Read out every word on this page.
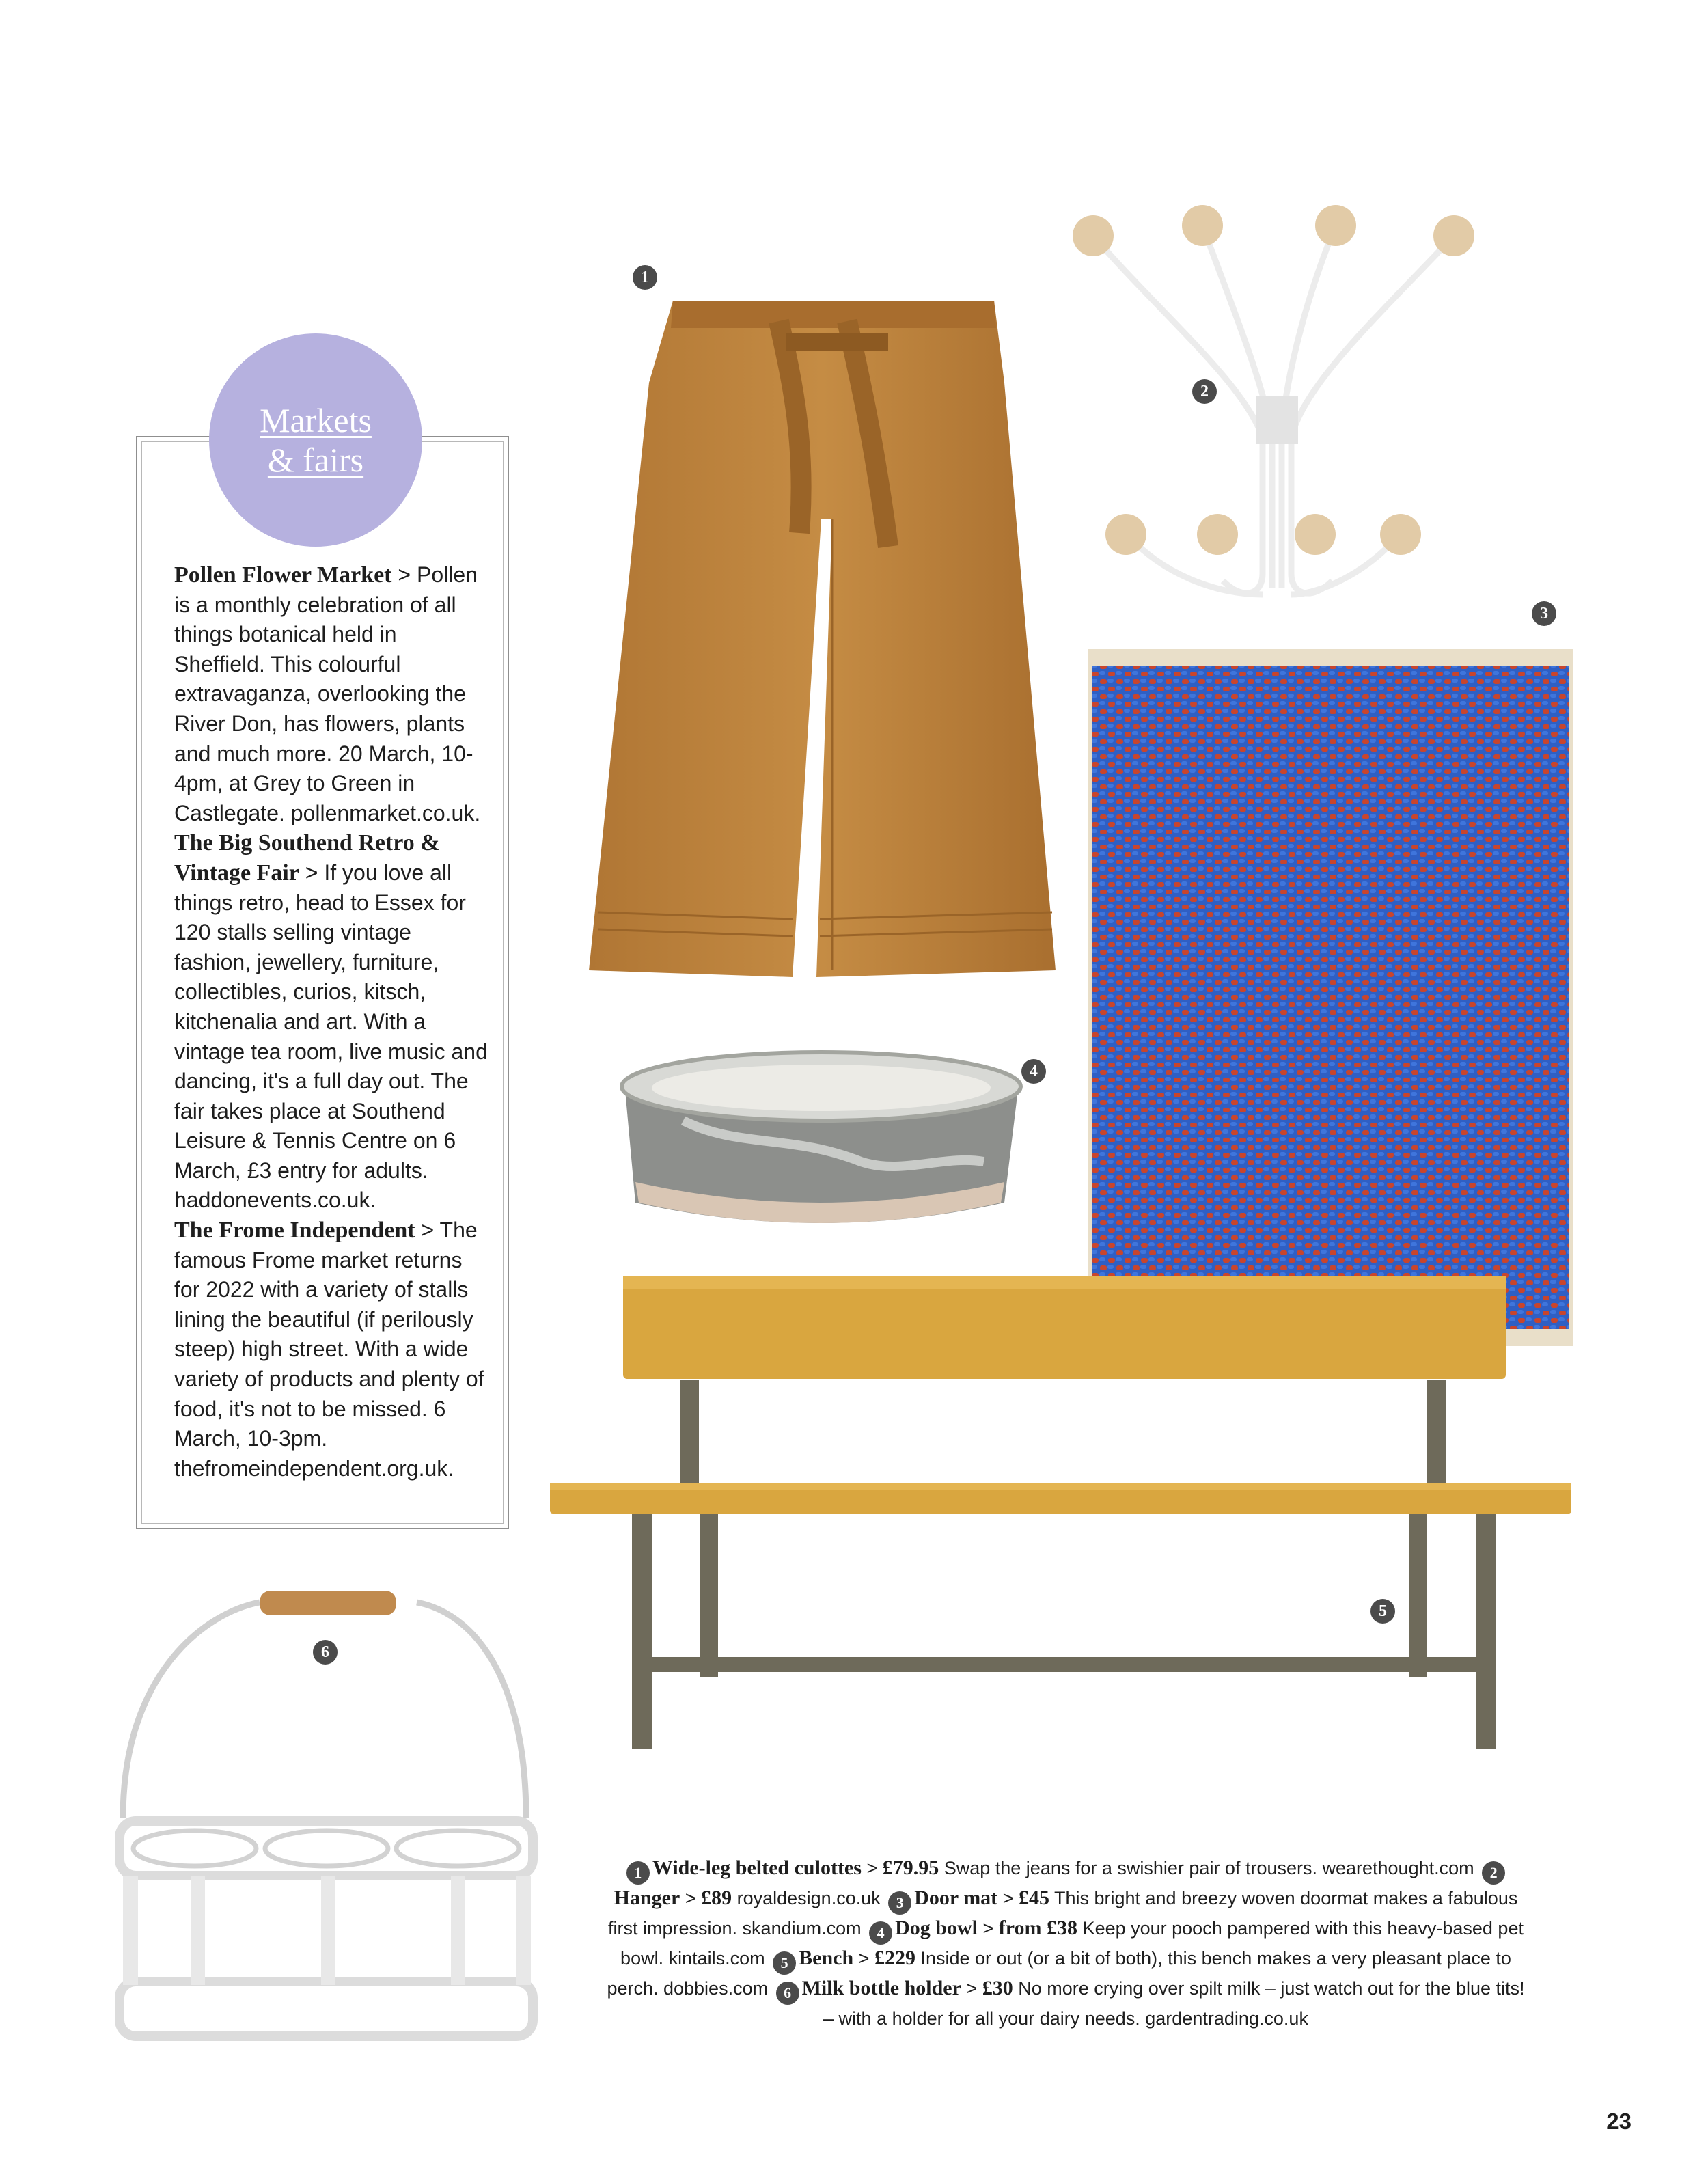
Markets
& fairs

Pollen Flower Market > Pollen is a monthly celebration of all things botanical held in Sheffield. This colourful extravaganza, overlooking the River Don, has flowers, plants and much more. 20 March, 10-4pm, at Grey to Green in Castlegate. pollenmarket.co.uk.

The Big Southend Retro & Vintage Fair > If you love all things retro, head to Essex for 120 stalls selling vintage fashion, jewellery, furniture, collectibles, curios, kitsch, kitchenalia and art. With a vintage tea room, live music and dancing, it's a full day out. The fair takes place at Southend Leisure & Tennis Centre on 6 March, £3 entry for adults. haddonevents.co.uk.

The Frome Independent > The famous Frome market returns for 2022 with a variety of stalls lining the beautiful (if perilously steep) high street. With a wide variety of products and plenty of food, it's not to be missed. 6 March, 10-3pm. thefromeindependent.org.uk.

1
2
3
4
5
6
1 Wide-leg belted culottes > £79.95 Swap the jeans for a swishier pair of trousers. wearethought.com 2Hanger > £89 royaldesign.co.uk 3 Door mat > £45 This bright and breezy woven doormat makes a fabulous first impression. skandium.com 4 Dog bowl > from £38 Keep your pooch pampered with this heavy-based pet bowl. kintails.com 5 Bench > £229 Inside or out (or a bit of both), this bench makes a very pleasant place to perch. dobbies.com 6 Milk bottle holder > £30 No more crying over spilt milk – just watch out for the blue tits! – with a holder for all your dairy needs. gardentrading.co.uk
23
